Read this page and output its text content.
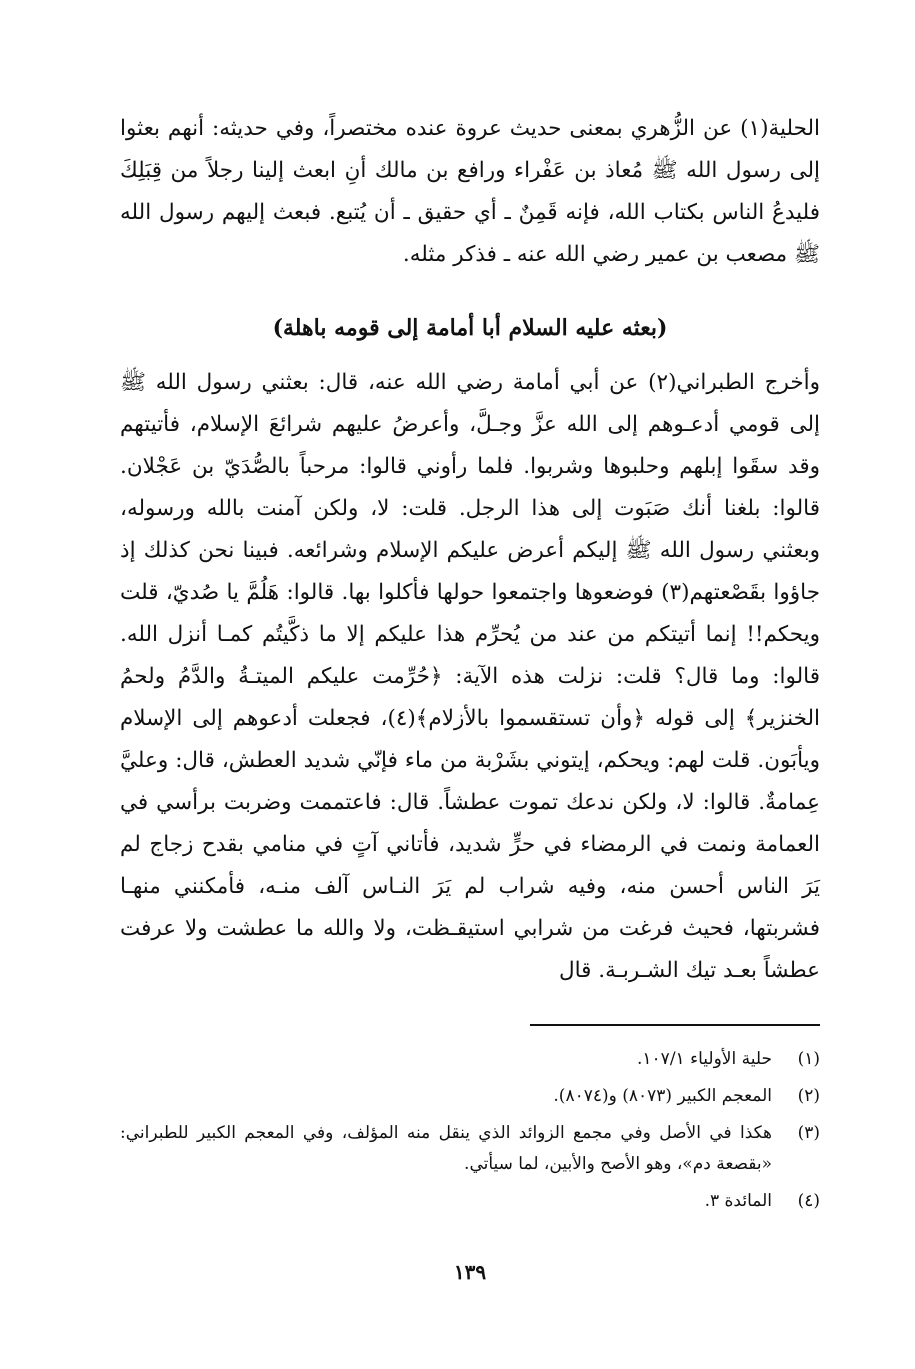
الحلية(١) عن الزُّهري بمعنى حديث عروة عنده مختصراً، وفي حديثه: أنهم بعثوا إلى رسول الله ﷺ مُعاذ بن عَفْراء ورافع بن مالك أنِ ابعث إلينا رجلاً من قِبَلِكَ فليدعُ الناس بكتاب الله، فإنه قَمِنٌ ـ أي حقيق ـ أن يُتبع. فبعث إليهم رسول الله ﷺ مصعب بن عمير رضي الله عنه ـ فذكر مثله.

(بعثه عليه السلام أبا أمامة إلى قومه باهلة)

وأخرج الطبراني(٢) عن أبي أمامة رضي الله عنه، قال: بعثني رسول الله ﷺ إلى قومي أدعـوهم إلى الله عزَّ وجـلَّ، وأعرضُ عليهم شرائعَ الإسلام، فأتيتهم وقد سقَوا إبلهم وحلبوها وشربوا. فلما رأوني قالوا: مرحباً بالصُّدَيّ بن عَجْلان. قالوا: بلغنا أنك صَبَوت إلى هذا الرجل. قلت: لا، ولكن آمنت بالله ورسوله، وبعثني رسول الله ﷺ إليكم أعرض عليكم الإسلام وشرائعه. فبينا نحن كذلك إذ جاؤوا بقَصْعتهم(٣) فوضعوها واجتمعوا حولها فأكلوا بها. قالوا: هَلُمَّ يا صُديّ، قلت ويحكم!! إنما أتيتكم من عند من يُحرِّم هذا عليكم إلا ما ذكَّيتُم كمـا أنزل الله. قالوا: وما قال؟ قلت: نزلت هذه الآية: ﴿حُرِّمت عليكم الميتـةُ والدَّمُ ولحمُ الخنزير﴾ إلى قوله ﴿وأن تستقسموا بالأزلام﴾(٤)، فجعلت أدعوهم إلى الإسلام ويأبَون. قلت لهم: ويحكم، إيتوني بشَرْبة من ماء فإنّي شديد العطش، قال: وعليَّ عِمامةٌ. قالوا: لا، ولكن ندعك تموت عطشاً. قال: فاعتممت وضربت برأسي في العمامة ونمت في الرمضاء في حرٍّ شديد، فأتاني آتٍ في منامي بقدح زجاج لم يَرَ الناس أحسن منه، وفيه شراب لم يَرَ النـاس آلف منـه، فأمكنني منهـا فشربتها، فحيث فرغت من شرابي استيقـظت، ولا والله ما عطشت ولا عرفت عطشاً بعـد تيك الشـربـة. قال

(١)
حلية الأولياء ١٠٧/١.
(٢)
المعجم الكبير (٨٠٧٣) و(٨٠٧٤).
(٣)
هكذا في الأصل وفي مجمع الزوائد الذي ينقل منه المؤلف، وفي المعجم الكبير للطبراني: «بقصعة دم»، وهو الأصح والأبين، لما سيأتي.
(٤)
المائدة ٣.
١٣٩
